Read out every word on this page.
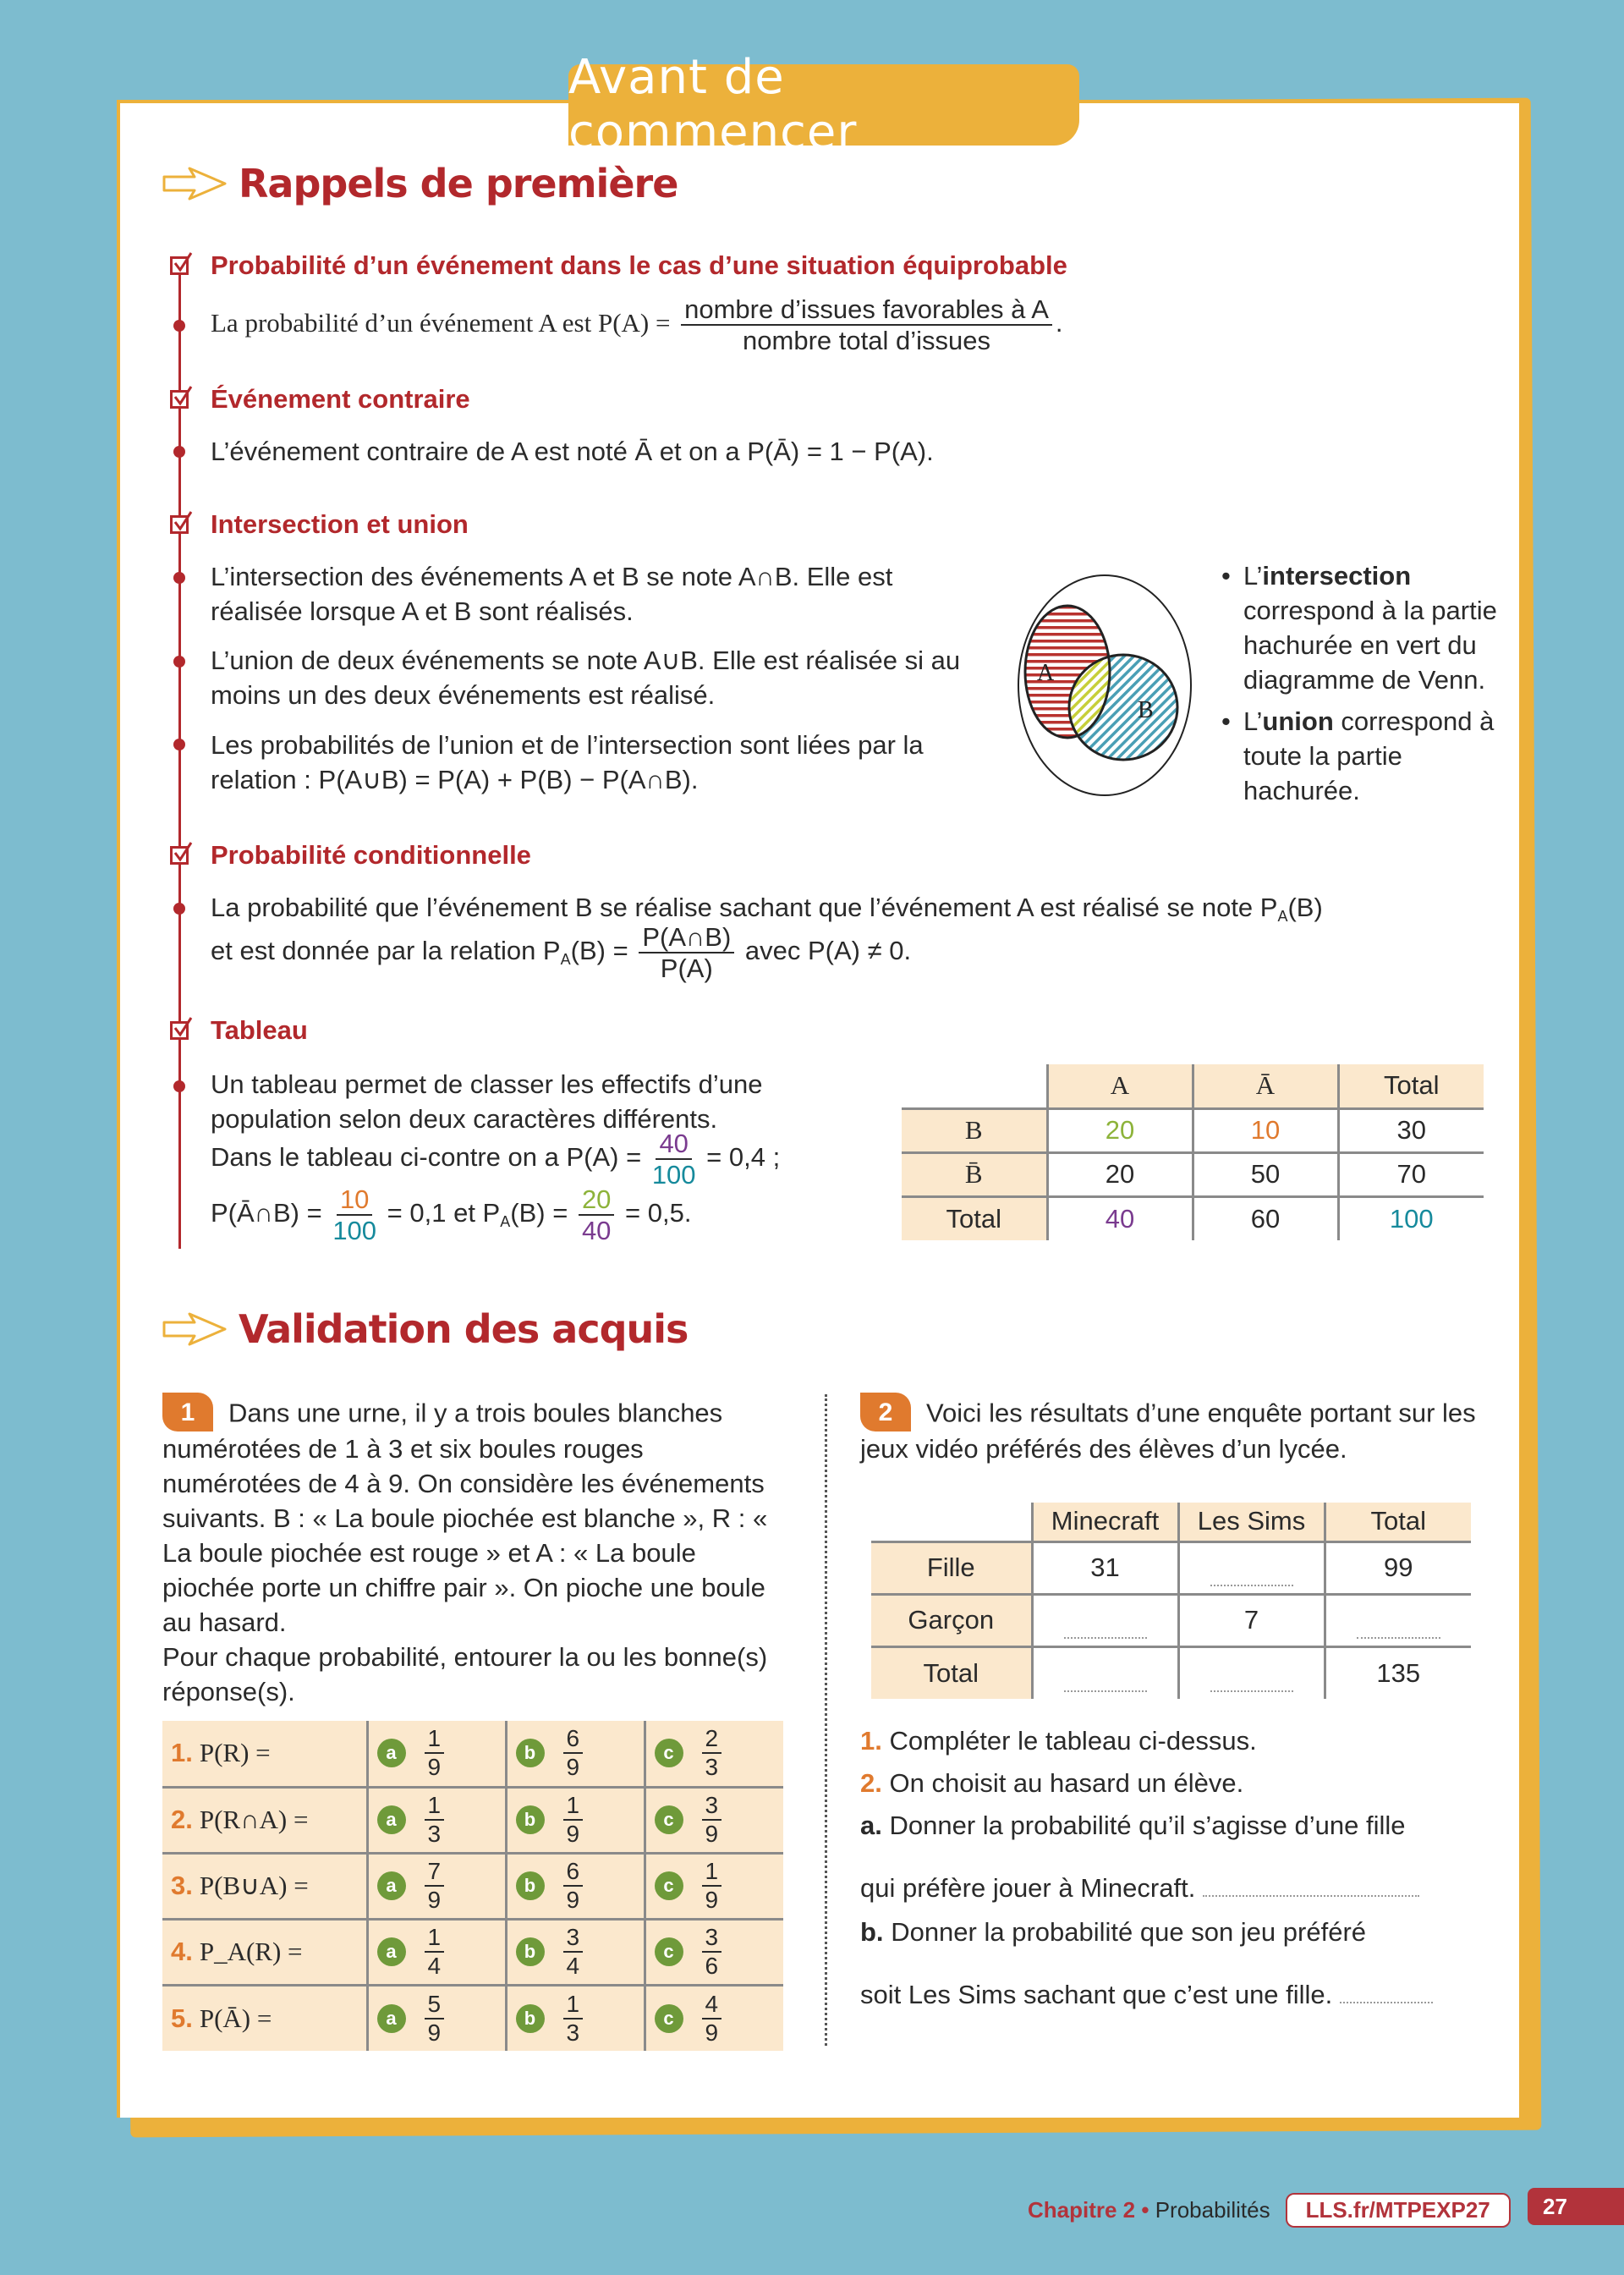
Avant de commencer
Rappels de première
Probabilité d’un événement dans le cas d’une situation équiprobable
La probabilité d’un événement A est $P(A) = \frac{\text{nombre d’issues favorables à A}}{\text{nombre total d’issues}}$ .
Événement contraire
L’événement contraire de A est noté Ā et on a P(Ā) = 1 − P(A).
Intersection et union
L’intersection des événements A et B se note A∩B. Elle est réalisée lorsque A et B sont réalisés.
L’union de deux événements se note A∪B. Elle est réalisée si au moins un des deux événements est réalisé.
Les probabilités de l’union et de l’intersection sont liées par la relation : P(A∪B) = P(A) + P(B) − P(A∩B).
A
B
• L’intersection correspond à la partie hachurée en vert du diagramme de Venn.
• L’union correspond à toute la partie hachurée.
Probabilité conditionnelle
La probabilité que l’événement B se réalise sachant que l’événement A est réalisé se note $P_A(B)$
et est donnée par la relation $P_A(B) = \frac{P(A\cap B)}{P(A)}$ avec P(A) ≠ 0.
Tableau
Un tableau permet de classer les effectifs d’une population selon deux caractères différents.
Dans le tableau ci-contre on a $P(A) = \frac{40}{100} = 0,4$ ;
P(Ā∩B) = $\frac{10}{100} = 0,1$ et $P_A(B) = \frac{20}{40} = 0,5$.
	A	Ā	Total
B	20	10	30
B̄	20	50	70
Total	40	60	100
Validation des acquis
1 Dans une urne, il y a trois boules blanches numérotées de 1 à 3 et six boules rouges numérotées de 4 à 9. On considère les événements suivants. B : « La boule piochée est blanche », R : « La boule piochée est rouge » et A : « La boule piochée porte un chiffre pair ». On pioche une boule au hasard.
Pour chaque probabilité, entourer la ou les bonne(s) réponse(s).
1. P(R) =	a $\frac{1}{9}$	b $\frac{6}{9}$	c $\frac{2}{3}$

2. P(R∩A) =	a $\frac{1}{3}$	b $\frac{1}{9}$	c $\frac{3}{9}$

3. P(B∪A) =	a $\frac{7}{9}$	b $\frac{6}{9}$	c $\frac{1}{9}$

4. P_A(R) =	a $\frac{1}{4}$	b $\frac{3}{4}$	c $\frac{3}{6}$

5. P(Ā) =	a $\frac{5}{9}$	b $\frac{1}{3}$	c $\frac{4}{9}$
2 Voici les résultats d’une enquête portant sur les jeux vidéo préférés des élèves d’un lycée.
	Minecraft	Les Sims	Total
Fille	31		99
Garçon		7	

Total			135
1. Compléter le tableau ci-dessus.
2. On choisit au hasard un élève.
a. Donner la probabilité qu’il s’agisse d’une fille
qui préfère jouer à Minecraft.
b. Donner la probabilité que son jeu préféré
soit Les Sims sachant que c’est une fille.
Chapitre 2 • Probabilités	LLS.fr/MTPEXP27	27
